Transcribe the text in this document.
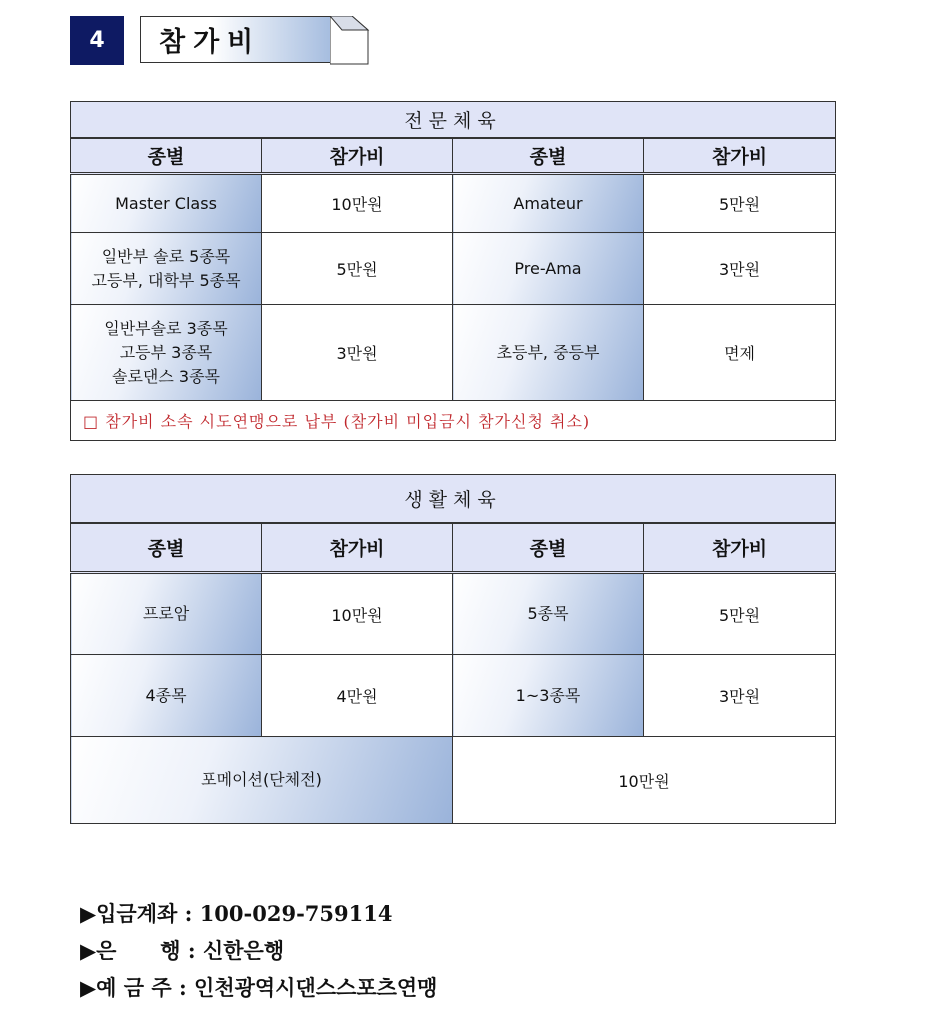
4	참가비
전문체육			
종별	참가비	종별	참가비

Master Class	10만원	Amateur	5만원

일반부 솔로 5종목
고등부, 대학부 5종목	5만원	Pre-Ama	3만원

일반부솔로 3종목
고등부 3종목
솔로댄스 3종목	3만원	초등부, 중등부	면제
□ 참가비 소속 시도연맹으로 납부 (참가비 미입금시 참가신청 취소)			
생활체육			
종별	참가비	종별	참가비
프로암	10만원	5종목	5만원
4종목	4만원	1~3종목	3만원
포메이션(단체전)		10만원	
▶입금계좌 : 100-029-759114
▶은      행 : 신한은행
▶예 금 주 : 인천광역시댄스스포츠연맹
